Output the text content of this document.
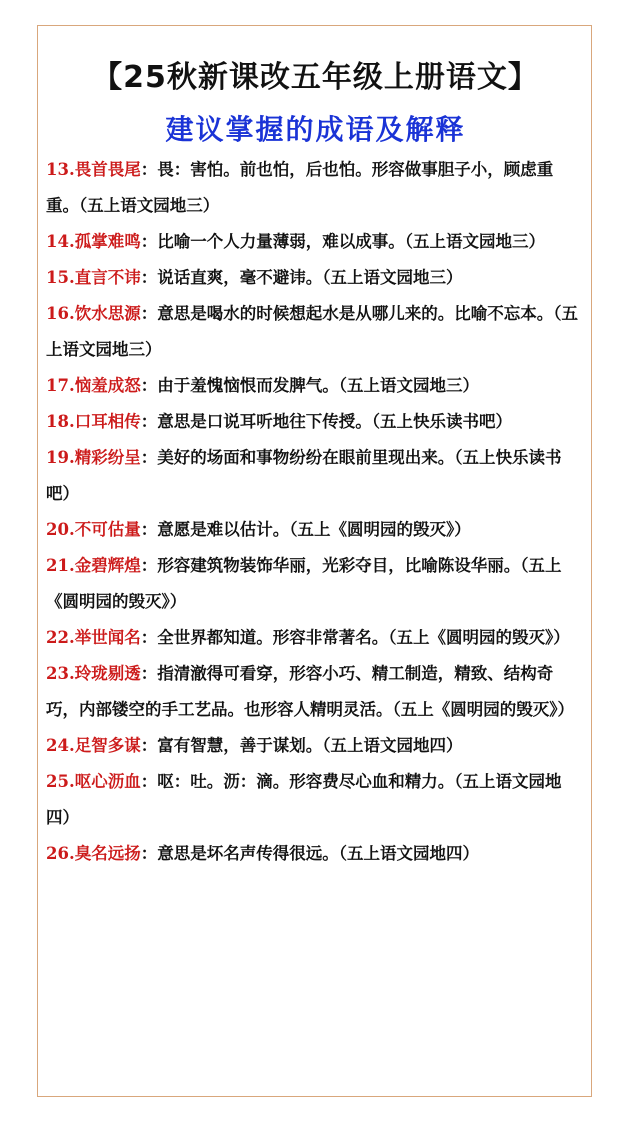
【25秋新课改五年级上册语文】
建议掌握的成语及解释

13.畏首畏尾：畏：害怕。前也怕，后也怕。形容做事胆子小，顾虑重重。（五上语文园地三）

14.孤掌难鸣：比喻一个人力量薄弱，难以成事。（五上语文园地三）

15.直言不讳：说话直爽，毫不避讳。（五上语文园地三）

16.饮水思源：意思是喝水的时候想起水是从哪儿来的。比喻不忘本。（五上语文园地三）

17.恼羞成怒：由于羞愧恼恨而发脾气。（五上语文园地三）

18.口耳相传：意思是口说耳听地往下传授。（五上快乐读书吧）

19.精彩纷呈：美好的场面和事物纷纷在眼前里现出来。（五上快乐读书吧）

20.不可估量：意愿是难以估计。（五上《圆明园的毁灭》）

21.金碧辉煌：形容建筑物装饰华丽，光彩夺目，比喻陈设华丽。（五上《圆明园的毁灭》）

22.举世闻名：全世界都知道。形容非常著名。（五上《圆明园的毁灭》）

23.玲珑剔透：指清澈得可看穿，形容小巧、精工制造，精致、结构奇巧，内部镂空的手工艺品。也形容人精明灵活。（五上《圆明园的毁灭》）

24.足智多谋：富有智慧，善于谋划。（五上语文园地四）

25.呕心沥血：呕：吐。沥：滴。形容费尽心血和精力。（五上语文园地四）

26.臭名远扬：意思是坏名声传得很远。（五上语文园地四）
